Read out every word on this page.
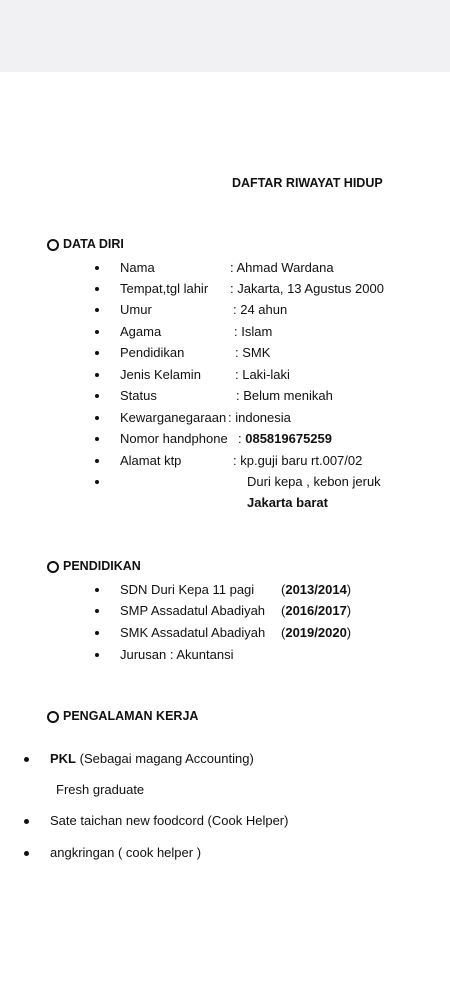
DAFTAR RIWAYAT HIDUP
DATA DIRI
Nama	: Ahmad Wardana
Tempat,tgl lahir : Jakarta, 13 Agustus 2000
Umur	: 24 ahun
Agama	: Islam
Pendidikan	: SMK
Jenis Kelamin	: Laki-laki
Status	: Belum menikah
Kewarganegaraan : indonesia
Nomor handphone : 085819675259
Alamat ktp	: kp.guji baru rt.007/02
Duri kepa , kebon jeruk
Jakarta barat
PENDIDIKAN
SDN Duri Kepa 11 pagi (2013/2014)
SMP Assadatul Abadiyah (2016/2017)
SMK Assadatul Abadiyah (2019/2020)
Jurusan : Akuntansi
PENGALAMAN KERJA
PKL (Sebagai magang Accounting)
Fresh graduate
Sate taichan new foodcord (Cook Helper)
angkringan ( cook helper )
